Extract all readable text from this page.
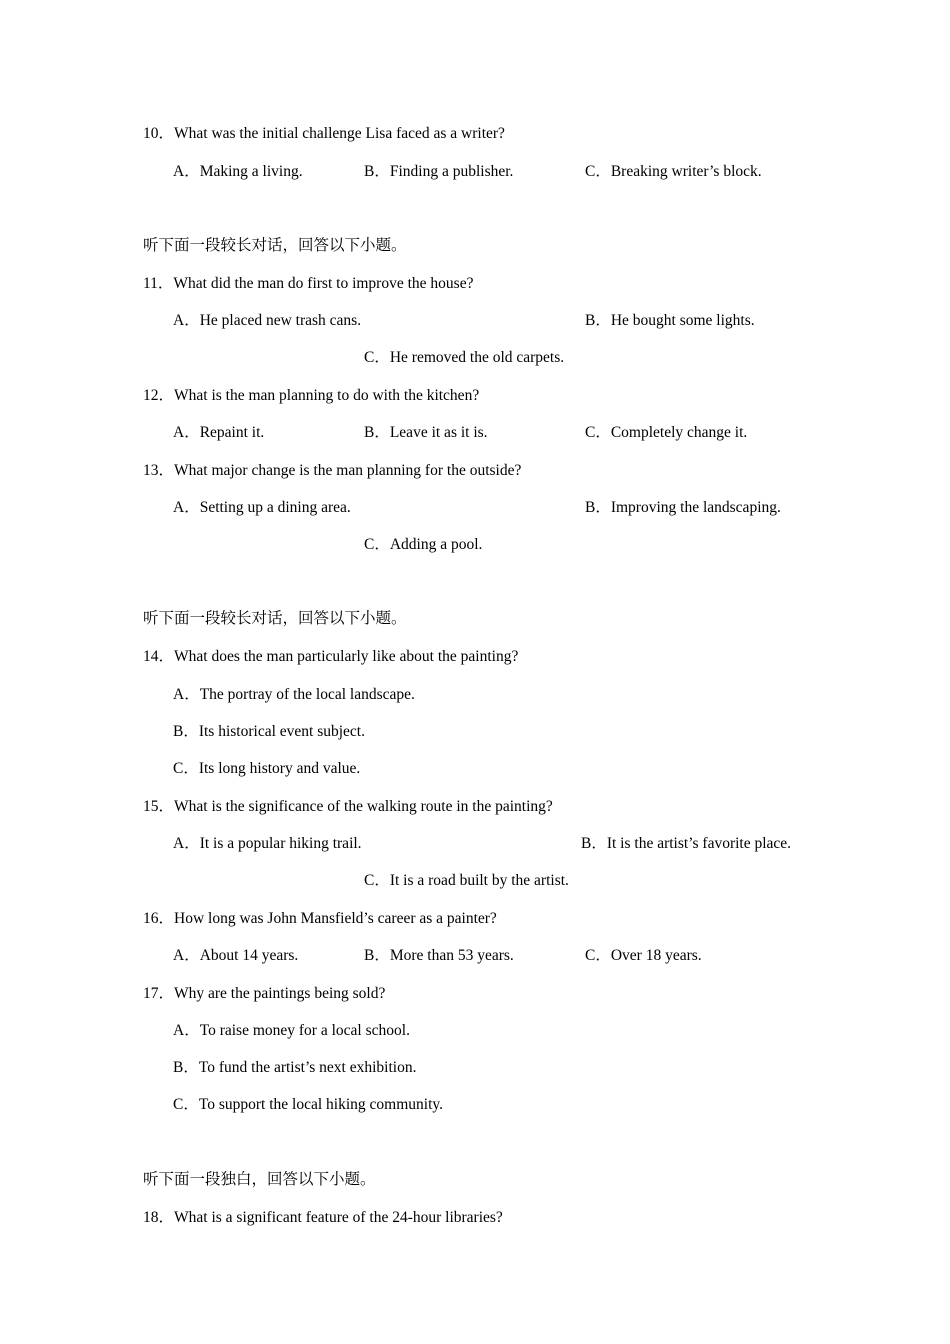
10．What was the initial challenge Lisa faced as a writer?
A．Making a living.	B．Finding a publisher.	C．Breaking writer’s block.
听下面一段较长对话，回答以下小题。
11．What did the man do first to improve the house?
A．He placed new trash cans.	B．He bought some lights.
C．He removed the old carpets.
12．What is the man planning to do with the kitchen?
A．Repaint it.	B．Leave it as it is.	C．Completely change it.
13．What major change is the man planning for the outside?
A．Setting up a dining area.	B．Improving the landscaping.
C．Adding a pool.
听下面一段较长对话，回答以下小题。
14．What does the man particularly like about the painting?
A．The portray of the local landscape.
B．Its historical event subject.
C．Its long history and value.
15．What is the significance of the walking route in the painting?
A．It is a popular hiking trail.	B．It is the artist’s favorite place.
C．It is a road built by the artist.
16．How long was John Mansfield’s career as a painter?
A．About 14 years.	B．More than 53 years.	C．Over 18 years.
17．Why are the paintings being sold?
A．To raise money for a local school.
B．To fund the artist’s next exhibition.
C．To support the local hiking community.
听下面一段独白，回答以下小题。
18．What is a significant feature of the 24-hour libraries?
